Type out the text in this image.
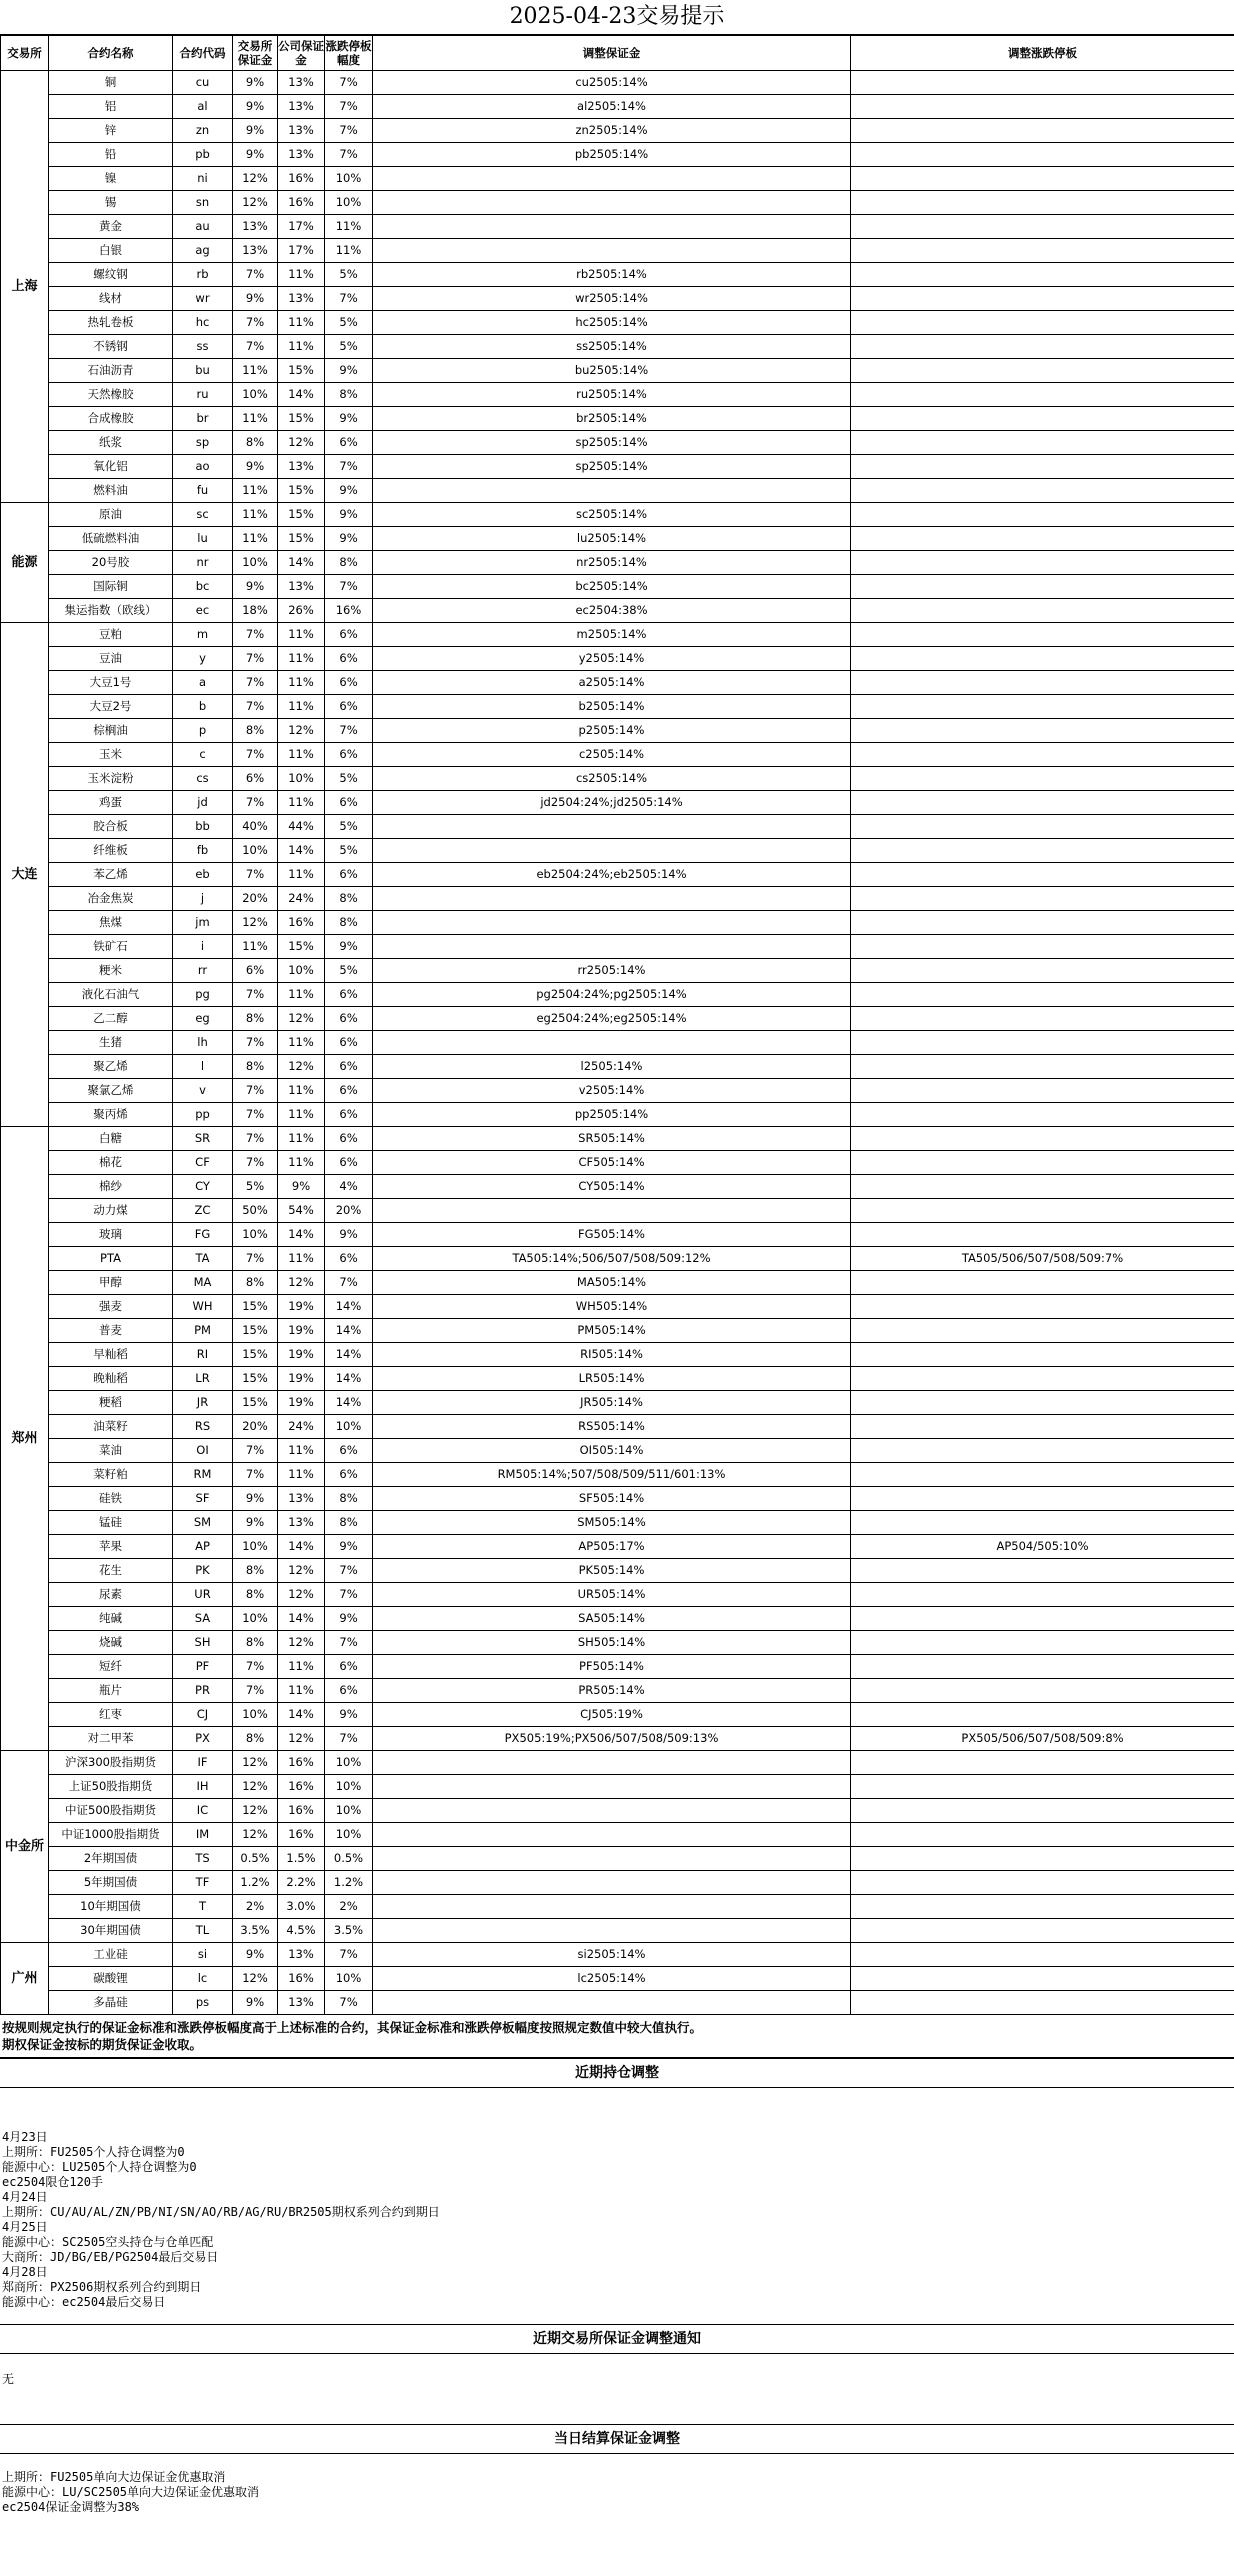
2025-04-23交易提示
交易所	合约名称	合约代码	交易所保证金	公司保证金	涨跌停板幅度	调整保证金	调整涨跌停板
上海	铜	cu	9%	13%	7%	cu2505:14%	
	铝	al	9%	13%	7%	al2505:14%	
	锌	zn	9%	13%	7%	zn2505:14%	
	铅	pb	9%	13%	7%	pb2505:14%	
	镍	ni	12%	16%	10%		
	锡	sn	12%	16%	10%		
	黄金	au	13%	17%	11%		
	白银	ag	13%	17%	11%		
	螺纹钢	rb	7%	11%	5%	rb2505:14%	
	线材	wr	9%	13%	7%	wr2505:14%	
	热轧卷板	hc	7%	11%	5%	hc2505:14%	
	不锈钢	ss	7%	11%	5%	ss2505:14%	
	石油沥青	bu	11%	15%	9%	bu2505:14%	
	天然橡胶	ru	10%	14%	8%	ru2505:14%	
	合成橡胶	br	11%	15%	9%	br2505:14%	
	纸浆	sp	8%	12%	6%	sp2505:14%	
	氧化铝	ao	9%	13%	7%	sp2505:14%	
	燃料油	fu	11%	15%	9%		
能源	原油	sc	11%	15%	9%	sc2505:14%	
	低硫燃料油	lu	11%	15%	9%	lu2505:14%	
	20号胶	nr	10%	14%	8%	nr2505:14%	
	国际铜	bc	9%	13%	7%	bc2505:14%	
	集运指数（欧线）	ec	18%	26%	16%	ec2504:38%	
大连	豆粕	m	7%	11%	6%	m2505:14%	
	豆油	y	7%	11%	6%	y2505:14%	
	大豆1号	a	7%	11%	6%	a2505:14%	
	大豆2号	b	7%	11%	6%	b2505:14%	
	棕榈油	p	8%	12%	7%	p2505:14%	
	玉米	c	7%	11%	6%	c2505:14%	
	玉米淀粉	cs	6%	10%	5%	cs2505:14%	
	鸡蛋	jd	7%	11%	6%	jd2504:24%;jd2505:14%	
	胶合板	bb	40%	44%	5%		
	纤维板	fb	10%	14%	5%		
	苯乙烯	eb	7%	11%	6%	eb2504:24%;eb2505:14%	
	冶金焦炭	j	20%	24%	8%		
	焦煤	jm	12%	16%	8%		
	铁矿石	i	11%	15%	9%		
	粳米	rr	6%	10%	5%	rr2505:14%	
	液化石油气	pg	7%	11%	6%	pg2504:24%;pg2505:14%	
	乙二醇	eg	8%	12%	6%	eg2504:24%;eg2505:14%	
	生猪	lh	7%	11%	6%		
	聚乙烯	l	8%	12%	6%	l2505:14%	
	聚氯乙烯	v	7%	11%	6%	v2505:14%	
	聚丙烯	pp	7%	11%	6%	pp2505:14%	
郑州	白糖	SR	7%	11%	6%	SR505:14%	
	棉花	CF	7%	11%	6%	CF505:14%	
	棉纱	CY	5%	9%	4%	CY505:14%	
	动力煤	ZC	50%	54%	20%		
	玻璃	FG	10%	14%	9%	FG505:14%	
	PTA	TA	7%	11%	6%	TA505:14%;506/507/508/509:12%	TA505/506/507/508/509:7%
	甲醇	MA	8%	12%	7%	MA505:14%	
	强麦	WH	15%	19%	14%	WH505:14%	
	普麦	PM	15%	19%	14%	PM505:14%	
	早籼稻	RI	15%	19%	14%	RI505:14%	
	晚籼稻	LR	15%	19%	14%	LR505:14%	
	粳稻	JR	15%	19%	14%	JR505:14%	
	油菜籽	RS	20%	24%	10%	RS505:14%	
	菜油	OI	7%	11%	6%	OI505:14%	
	菜籽粕	RM	7%	11%	6%	RM505:14%;507/508/509/511/601:13%	
	硅铁	SF	9%	13%	8%	SF505:14%	
	锰硅	SM	9%	13%	8%	SM505:14%	
	苹果	AP	10%	14%	9%	AP505:17%	AP504/505:10%
	花生	PK	8%	12%	7%	PK505:14%	
	尿素	UR	8%	12%	7%	UR505:14%	
	纯碱	SA	10%	14%	9%	SA505:14%	
	烧碱	SH	8%	12%	7%	SH505:14%	
	短纤	PF	7%	11%	6%	PF505:14%	
	瓶片	PR	7%	11%	6%	PR505:14%	
	红枣	CJ	10%	14%	9%	CJ505:19%	
	对二甲苯	PX	8%	12%	7%	PX505:19%;PX506/507/508/509:13%	PX505/506/507/508/509:8%
中金所	沪深300股指期货	IF	12%	16%	10%		
	上证50股指期货	IH	12%	16%	10%		
	中证500股指期货	IC	12%	16%	10%		
	中证1000股指期货	IM	12%	16%	10%		
	2年期国债	TS	0.5%	1.5%	0.5%		
	5年期国债	TF	1.2%	2.2%	1.2%		
	10年期国债	T	2%	3.0%	2%		
	30年期国债	TL	3.5%	4.5%	3.5%		
广州	工业硅	si	9%	13%	7%	si2505:14%	
	碳酸锂	lc	12%	16%	10%	lc2505:14%	
	多晶硅	ps	9%	13%	7%		
按规则规定执行的保证金标准和涨跌停板幅度高于上述标准的合约，其保证金标准和涨跌停板幅度按照规定数值中较大值执行。
期权保证金按标的期货保证金收取。
近期持仓调整
4月23日
上期所：FU2505个人持仓调整为0
能源中心：LU2505个人持仓调整为0
ec2504限仓120手
4月24日
上期所：CU/AU/AL/ZN/PB/NI/SN/AO/RB/AG/RU/BR2505期权系列合约到期日
4月25日
能源中心：SC2505空头持仓与仓单匹配
大商所：JD/BG/EB/PG2504最后交易日
4月28日
郑商所：PX2506期权系列合约到期日
能源中心：ec2504最后交易日
近期交易所保证金调整通知
无
当日结算保证金调整
上期所：FU2505单向大边保证金优惠取消
能源中心：LU/SC2505单向大边保证金优惠取消
ec2504保证金调整为38%
